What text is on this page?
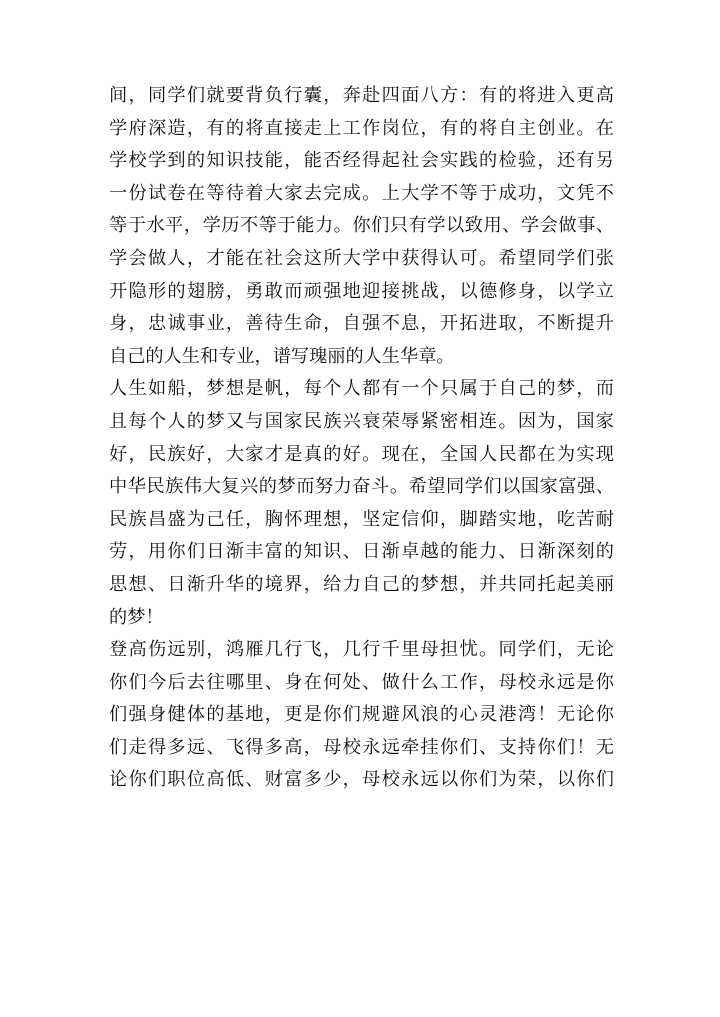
间，同学们就要背负行囊，奔赴四面八方：有的将进入更高
学府深造，有的将直接走上工作岗位，有的将自主创业。在
学校学到的知识技能，能否经得起社会实践的检验，还有另
一份试卷在等待着大家去完成。上大学不等于成功，文凭不
等于水平，学历不等于能力。你们只有学以致用、学会做事、
学会做人，才能在社会这所大学中获得认可。希望同学们张
开隐形的翅膀，勇敢而顽强地迎接挑战，以德修身，以学立
身，忠诚事业，善待生命，自强不息，开拓进取，不断提升
自己的人生和专业，谱写瑰丽的人生华章。
人生如船，梦想是帆，每个人都有一个只属于自己的梦，而
且每个人的梦又与国家民族兴衰荣辱紧密相连。因为，国家
好，民族好，大家才是真的好。现在，全国人民都在为实现
中华民族伟大复兴的梦而努力奋斗。希望同学们以国家富强、
民族昌盛为己任，胸怀理想，坚定信仰，脚踏实地，吃苦耐
劳，用你们日渐丰富的知识、日渐卓越的能力、日渐深刻的
思想、日渐升华的境界，给力自己的梦想，并共同托起美丽
的梦！
登高伤远别，鸿雁几行飞，几行千里母担忧。同学们，无论
你们今后去往哪里、身在何处、做什么工作，母校永远是你
们强身健体的基地，更是你们规避风浪的心灵港湾！无论你
们走得多远、飞得多高，母校永远牵挂你们、支持你们！无
论你们职位高低、财富多少，母校永远以你们为荣，以你们
